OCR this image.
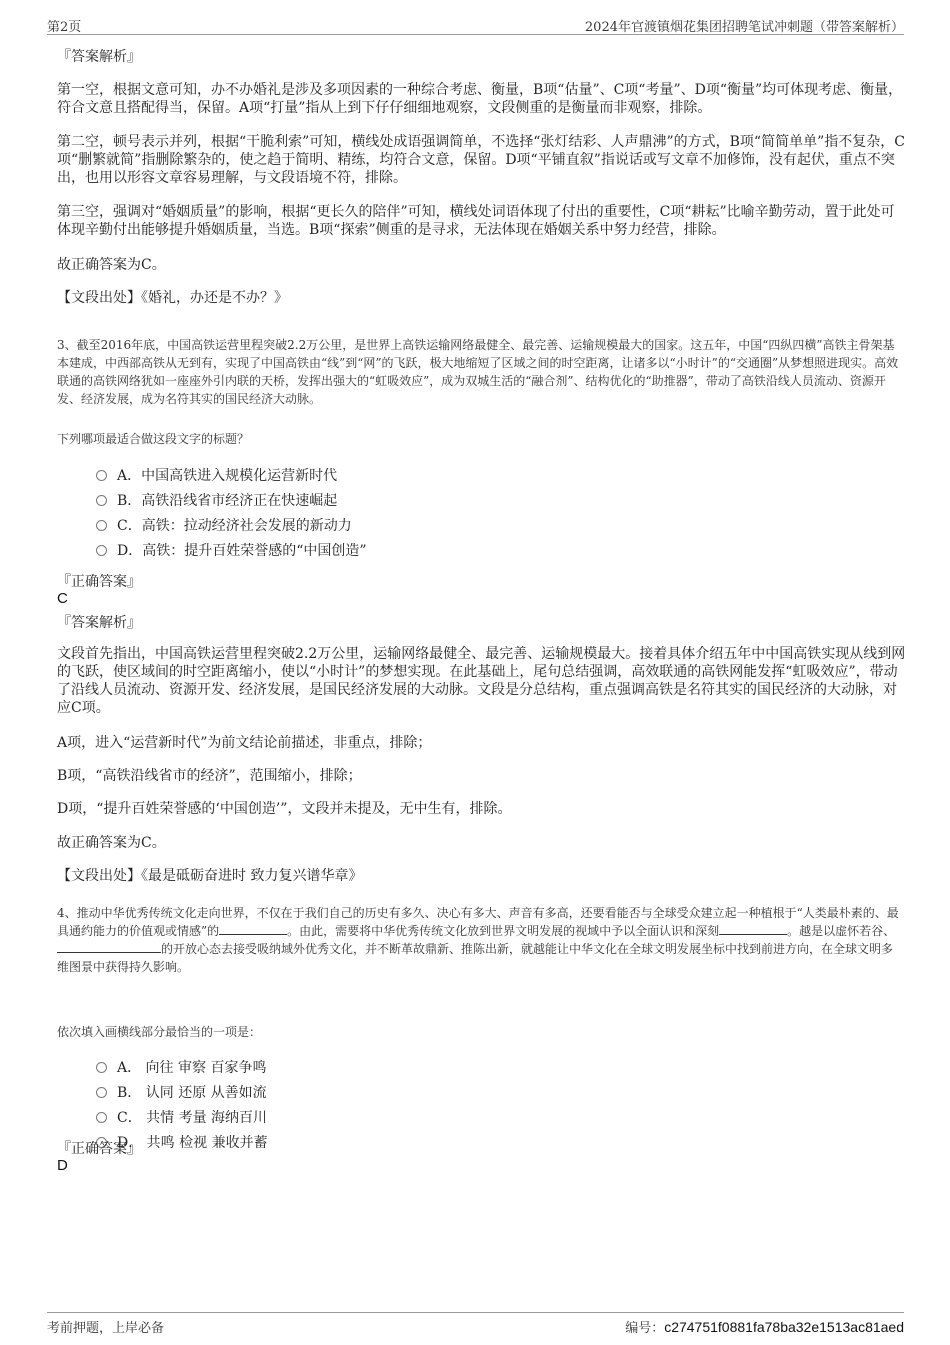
第2页	2024年官渡镇烟花集团招聘笔试冲刺题（带答案解析）
『答案解析』

第一空，根据文意可知，办不办婚礼是涉及多项因素的一种综合考虑、衡量，B项“估量”、C项“考量”、D项“衡量”均可体现考虑、衡量，符合文意且搭配得当，保留。A项“打量”指从上到下仔仔细细地观察，文段侧重的是衡量而非观察，排除。

第二空，顿号表示并列，根据“干脆利索”可知，横线处成语强调简单，不选择“张灯结彩、人声鼎沸”的方式，B项“简简单单”指不复杂，C项“删繁就简”指删除繁杂的，使之趋于简明、精练，均符合文意，保留。D项“平铺直叙”指说话或写文章不加修饰，没有起伏，重点不突出，也用以形容文章容易理解，与文段语境不符，排除。

第三空，强调对“婚姻质量”的影响，根据“更长久的陪伴”可知，横线处词语体现了付出的重要性，C项“耕耘”比喻辛勤劳动，置于此处可体现辛勤付出能够提升婚姻质量，当选。B项“探索”侧重的是寻求，无法体现在婚姻关系中努力经营，排除。

故正确答案为C。

【文段出处】《婚礼，办还是不办？》

3、截至2016年底，中国高铁运营里程突破2.2万公里，是世界上高铁运输网络最健全、最完善、运输规模最大的国家。这五年，中国“四纵四横”高铁主骨架基本建成，中西部高铁从无到有，实现了中国高铁由“线”到“网”的飞跃，极大地缩短了区域之间的时空距离，让诸多以“小时计”的“交通圈”从梦想照进现实。高效联通的高铁网络犹如一座座外引内联的天桥，发挥出强大的“虹吸效应”，成为双城生活的“融合剂”、结构优化的“助推器”，带动了高铁沿线人员流动、资源开发、经济发展，成为名符其实的国民经济大动脉。

下列哪项最适合做这段文字的标题？

A．中国高铁进入规模化运营新时代
B．高铁沿线省市经济正在快速崛起
C．高铁：拉动经济社会发展的新动力
D．高铁：提升百姓荣誉感的“中国创造”
『正确答案』
C
『答案解析』

文段首先指出，中国高铁运营里程突破2.2万公里，运输网络最健全、最完善、运输规模最大。接着具体介绍五年中中国高铁实现从线到网的飞跃，使区域间的时空距离缩小，使以“小时计”的梦想实现。在此基础上，尾句总结强调，高效联通的高铁网能发挥“虹吸效应”，带动了沿线人员流动、资源开发、经济发展，是国民经济发展的大动脉。文段是分总结构，重点强调高铁是名符其实的国民经济的大动脉，对应C项。

A项，进入“运营新时代”为前文结论前描述，非重点，排除；

B项，“高铁沿线省市的经济”，范围缩小，排除；

D项，“提升百姓荣誉感的‘中国创造’”，文段并未提及，无中生有，排除。

故正确答案为C。

【文段出处】《最是砥砺奋进时 致力复兴谱华章》

4、推动中华优秀传统文化走向世界，不仅在于我们自己的历史有多久、决心有多大、声音有多高，还要看能否与全球受众建立起一种植根于“人类最朴素的、最具通约能力的价值观或情感”的	。由此，需要将中华优秀传统文化放到世界文明发展的视域中予以全面认识和深刻	。越是以虚怀若谷、的开放心态去接受吸纳域外优秀文化，并不断革故鼎新、推陈出新，就越能让中华文化在全球文明发展坐标中找到前进方向，在全球文明多维图景中获得持久影响。

依次填入画横线部分最恰当的一项是：

A． 向往 审察 百家争鸣
B． 认同 还原 从善如流
C． 共情 考量 海纳百川
D． 共鸣 检视 兼收并蓄
『正确答案』
D
考前押题，上岸必备	编号：c274751f0881fa78ba32e1513ac81aed
